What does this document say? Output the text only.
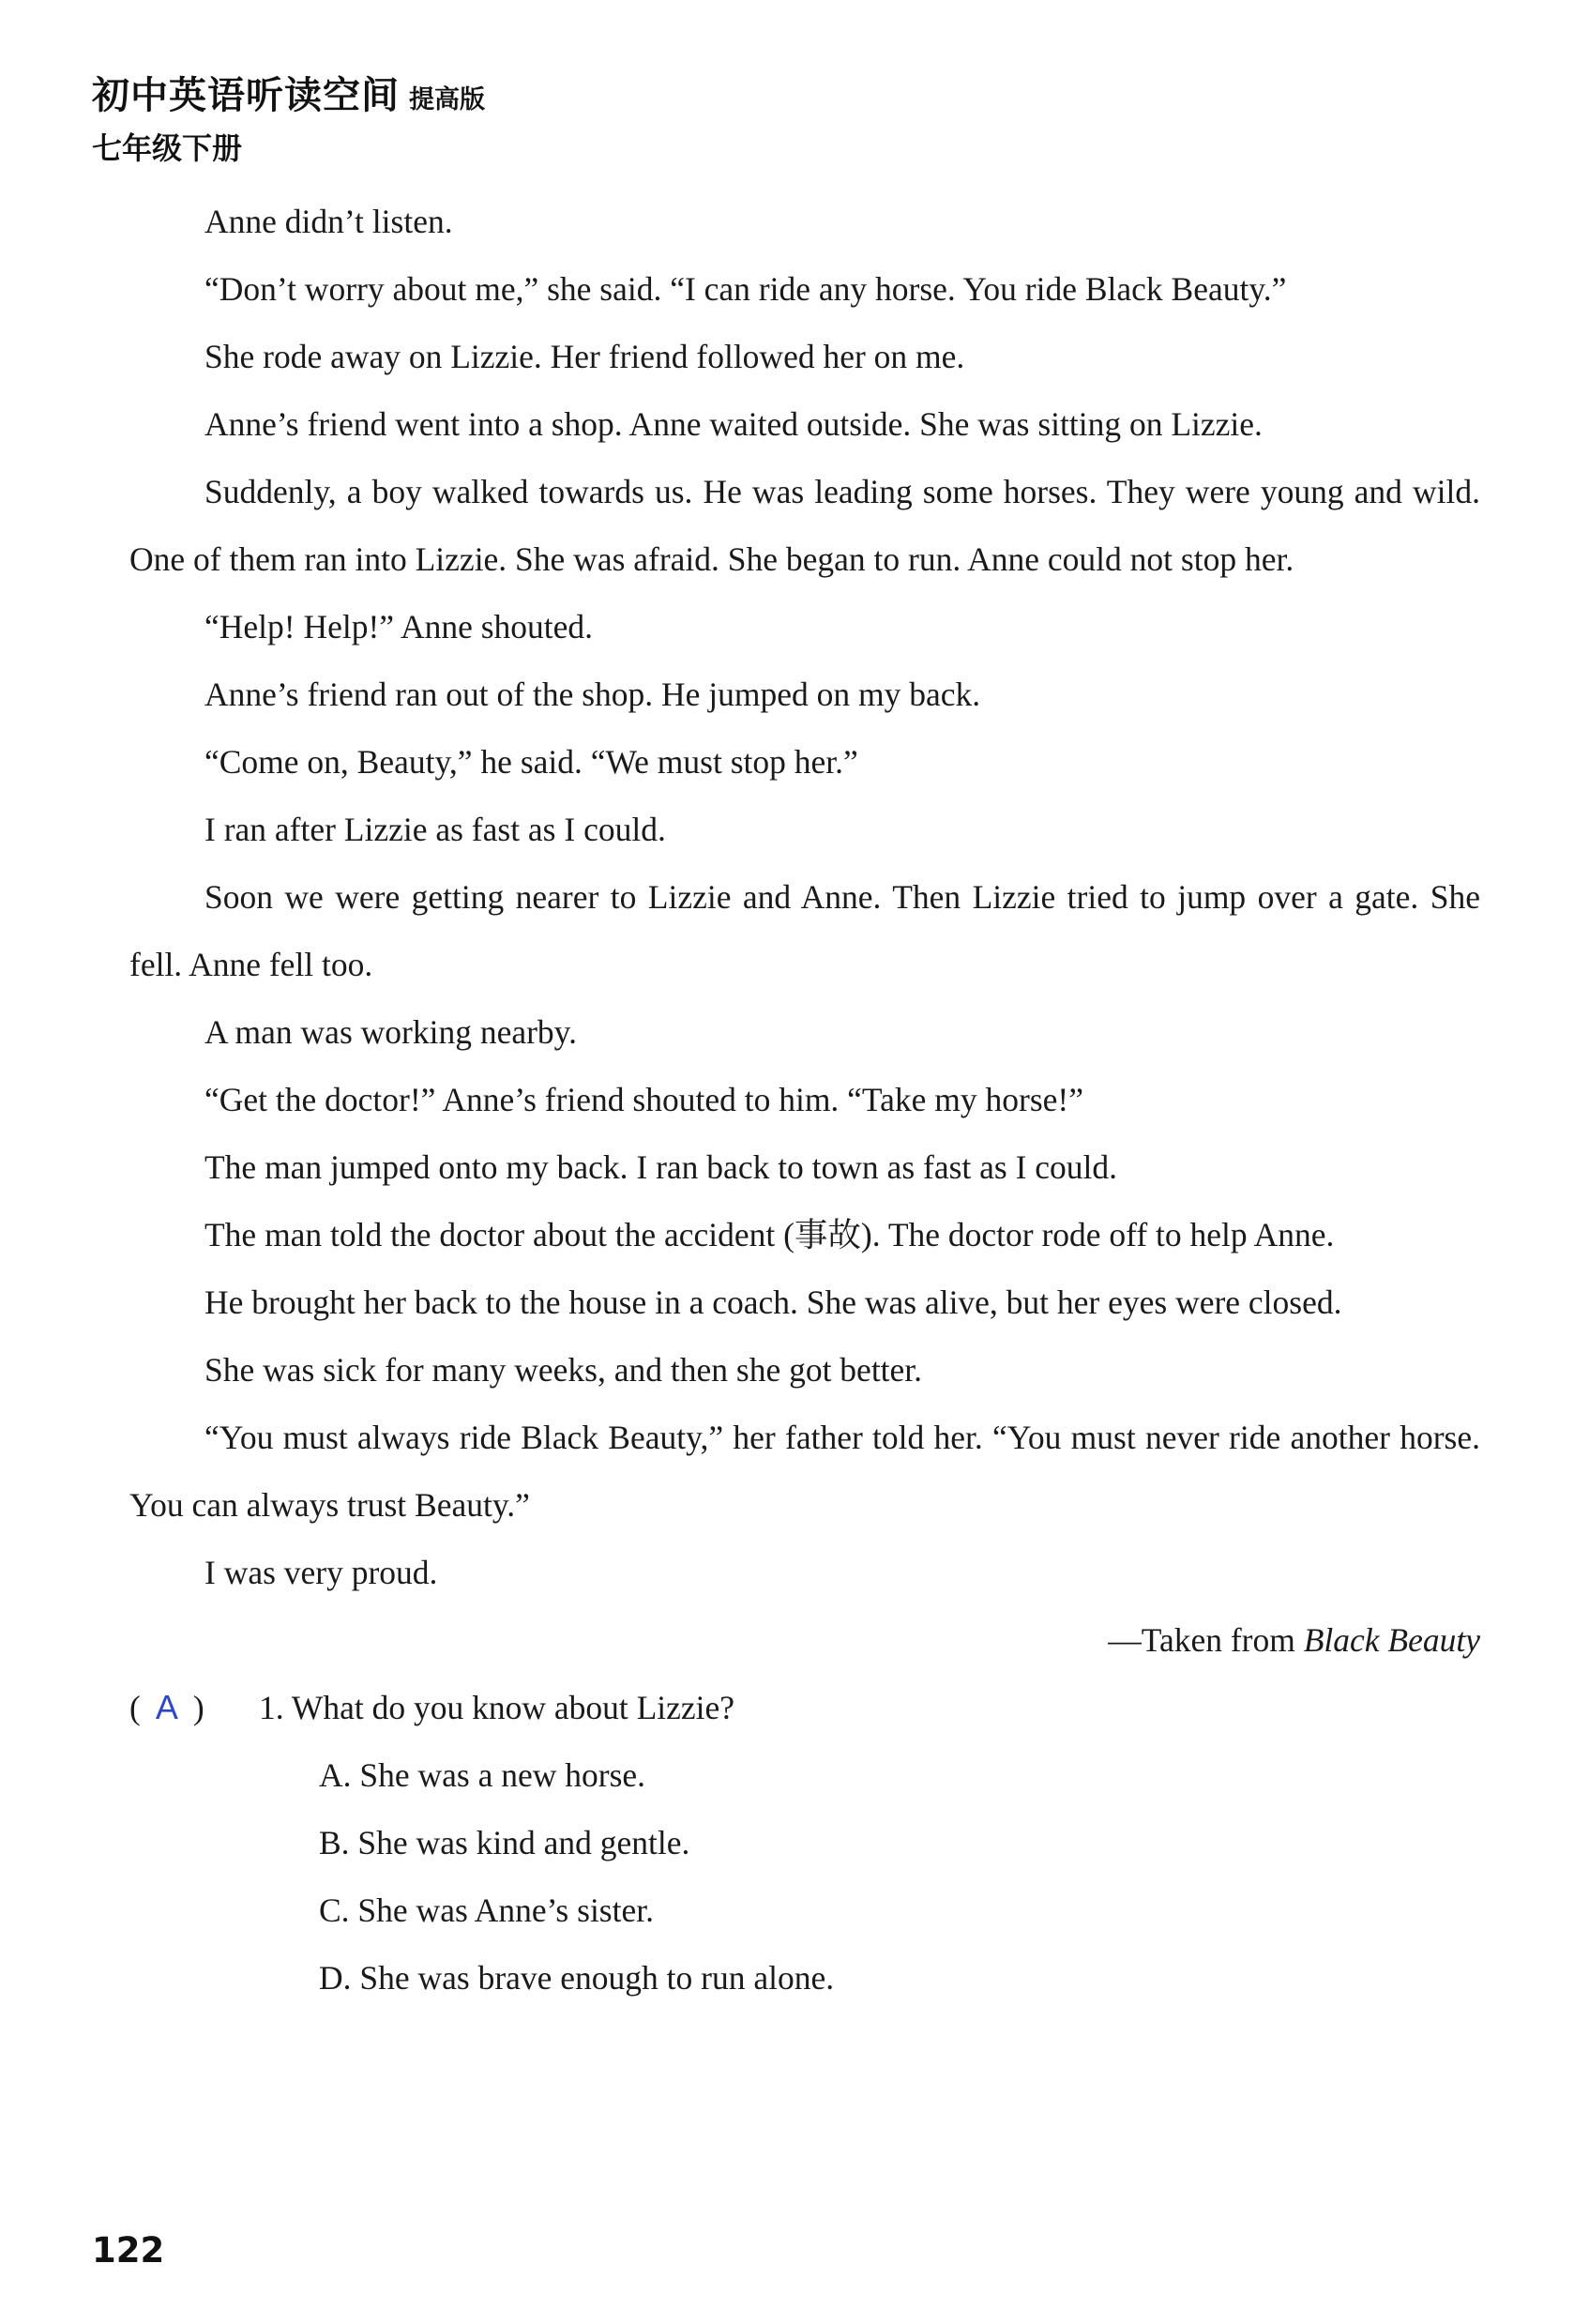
初中英语听读空间 提高版
七年级下册

Anne didn’t listen.

“Don’t worry about me,” she said. “I can ride any horse. You ride Black Beauty.”

She rode away on Lizzie. Her friend followed her on me.

Anne’s friend went into a shop. Anne waited outside. She was sitting on Lizzie.

Suddenly, a boy walked towards us. He was leading some horses. They were young and wild. One of them ran into Lizzie. She was afraid. She began to run. Anne could not stop her.

“Help! Help!” Anne shouted.

Anne’s friend ran out of the shop. He jumped on my back.

“Come on, Beauty,” he said. “We must stop her.”

I ran after Lizzie as fast as I could.

Soon we were getting nearer to Lizzie and Anne. Then Lizzie tried to jump over a gate. She fell. Anne fell too.

A man was working nearby.

“Get the doctor!” Anne’s friend shouted to him. “Take my horse!”

The man jumped onto my back. I ran back to town as fast as I could.

The man told the doctor about the accident (事故). The doctor rode off to help Anne.

He brought her back to the house in a coach. She was alive, but her eyes were closed.

She was sick for many weeks, and then she got better.

“You must always ride Black Beauty,” her father told her. “You must never ride another horse. You can always trust Beauty.”

I was very proud.

—Taken from Black Beauty

( A ) 1. What do you know about Lizzie?
A. She was a new horse.
B. She was kind and gentle.
C. She was Anne’s sister.
D. She was brave enough to run alone.
122
